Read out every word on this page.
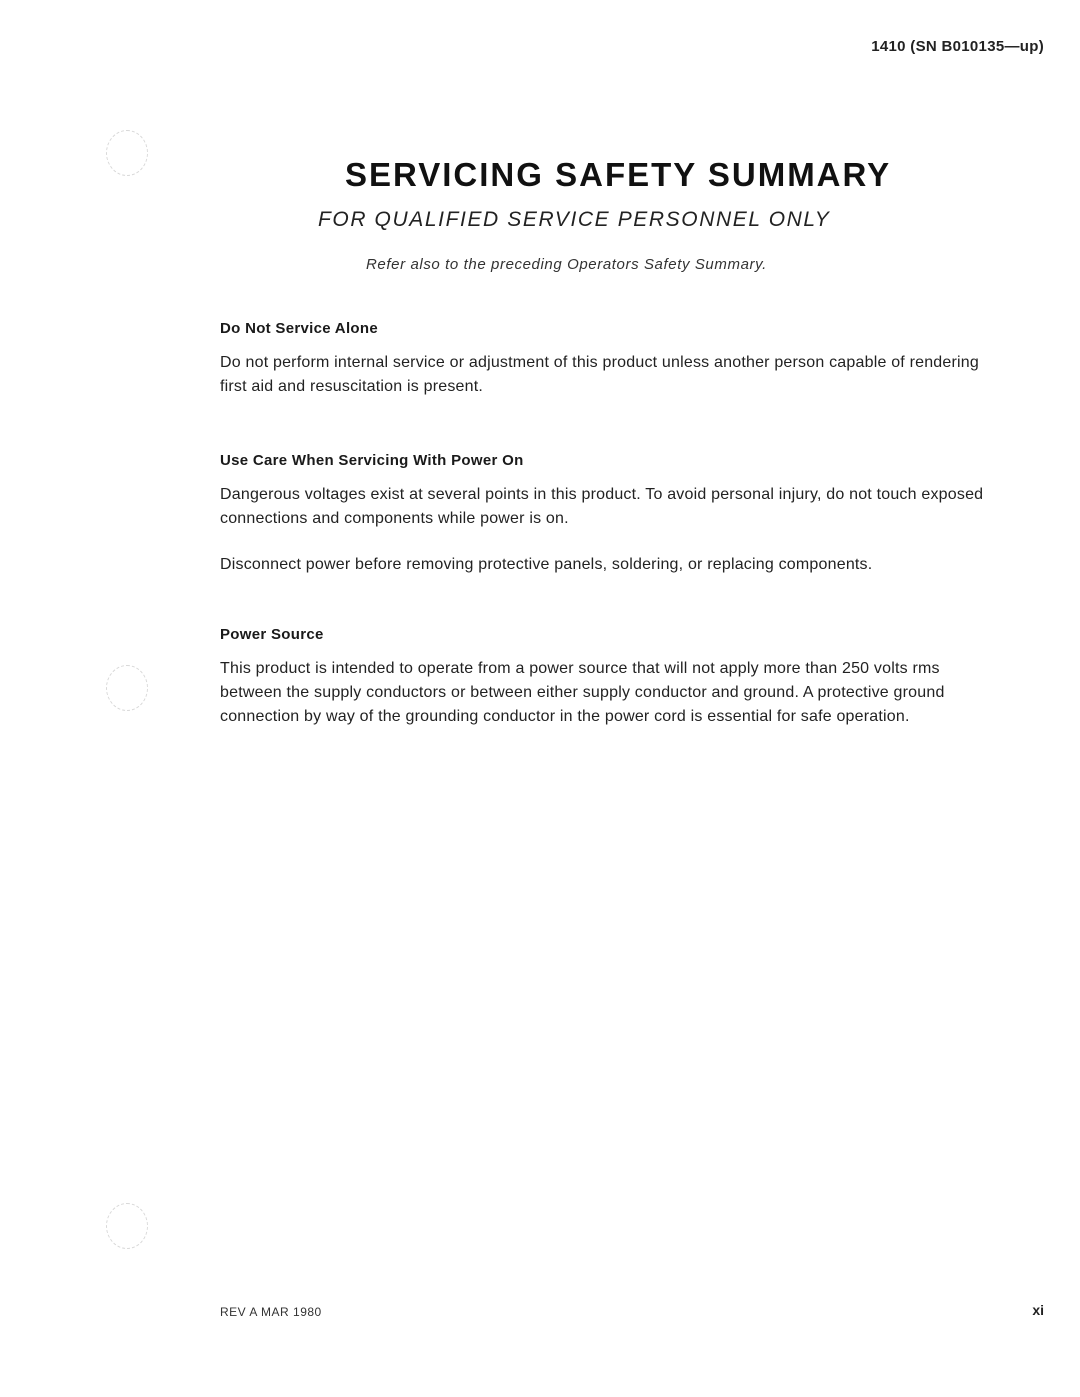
1410 (SN B010135—up)
SERVICING SAFETY SUMMARY
FOR QUALIFIED SERVICE PERSONNEL ONLY
Refer also to the preceding Operators Safety Summary.
Do Not Service Alone

Do not perform internal service or adjustment of this product unless another person capable of rendering first aid and resuscitation is present.

Use Care When Servicing With Power On

Dangerous voltages exist at several points in this product. To avoid personal injury, do not touch exposed connections and components while power is on.

Disconnect power before removing protective panels, soldering, or replacing components.

Power Source

This product is intended to operate from a power source that will not apply more than 250 volts rms between the supply conductors or between either supply conductor and ground. A protective ground connection by way of the grounding conductor in the power cord is essential for safe operation.

REV A MAR 1980	xi
